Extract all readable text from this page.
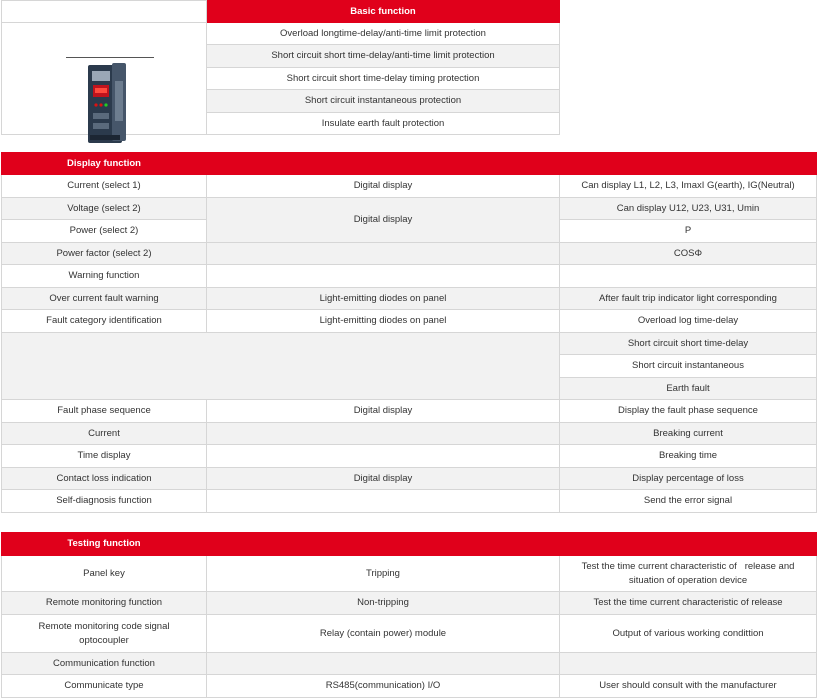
	Basic function

	Overload longtime-delay/anti-time limit protection
	Short circuit short time-delay/anti-time limit protection
	Short circuit short time-delay timing protection
	Short circuit instantaneous protection
	Insulate earth fault protection
Display function		
Current (select 1)	Digital display	Can display L1, L2, L3, ImaxI G(earth), IG(Neutral)
Voltage (select 2)	Digital display	Can display U12, U23, U31, Umin
Power (select 2)		P
Power factor (select 2)		COSΦ
Warning function		
Over current fault warning	Light-emitting diodes on panel	After fault trip indicator light corresponding
Fault category identification	Light-emitting diodes on panel	Overload log time-delay
		Short circuit short time-delay
		Short circuit instantaneous
		Earth fault
Fault phase sequence	Digital display	Display the fault phase sequence
Current		Breaking current
Time display		Breaking time
Contact loss indication	Digital display	Display percentage of loss
Self-diagnosis function		Send the error signal
Testing function		
Panel key	Tripping	Test the time current characteristic of   release and
situation of operation device
Remote monitoring function	Non-tripping	Test the time current characteristic of release
Remote monitoring code signal
optocoupler	Relay (contain power) module	Output of various working condittion
Communication function		
Communicate type	RS485(communication) I/O	User should consult with the manufacturer
